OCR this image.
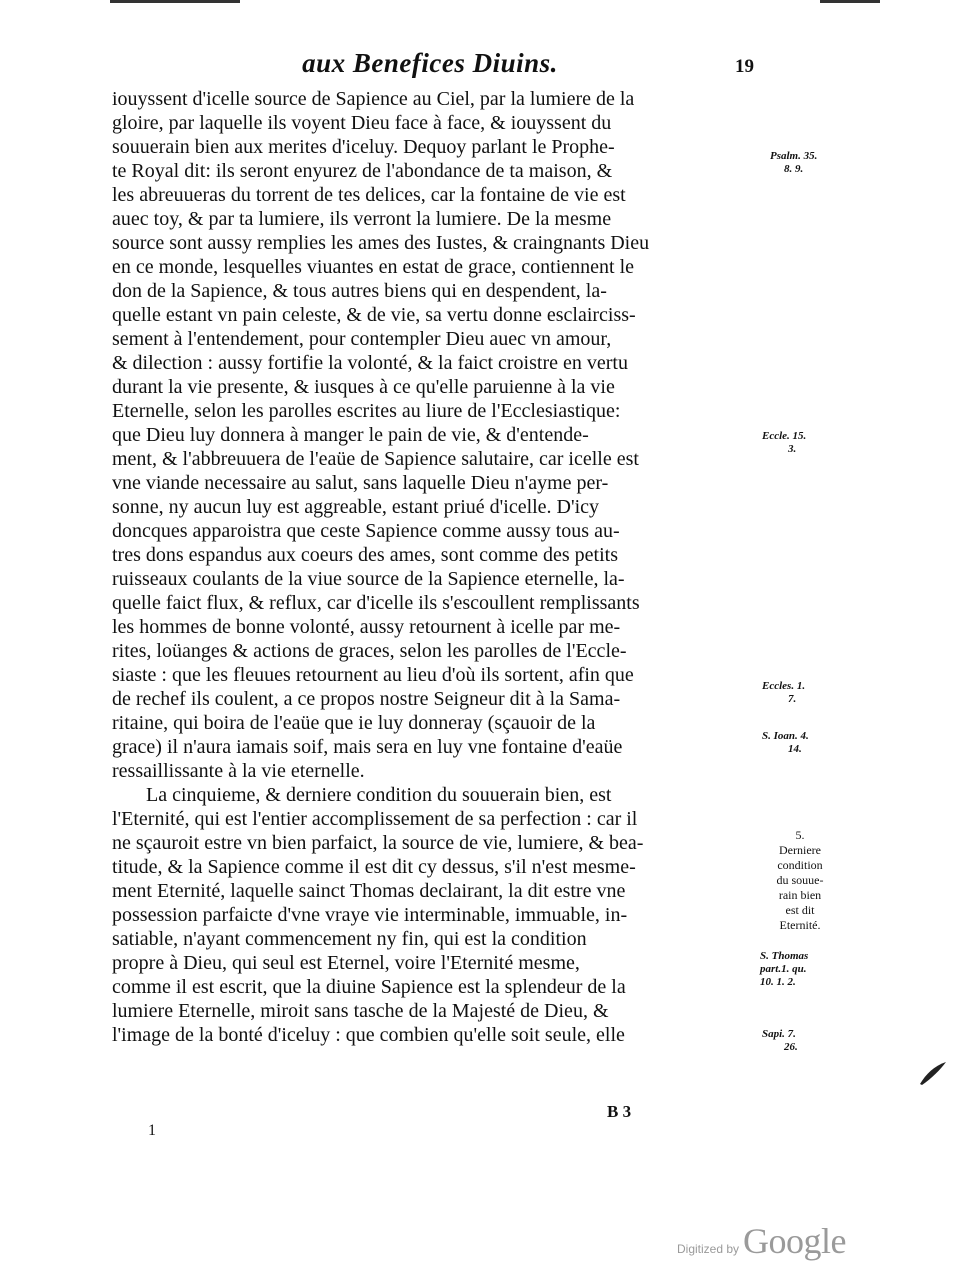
aux Benefices Diuins.	19
iouyssent d'icelle source de Sapience au Ciel, par la lumiere de la
gloire, par laquelle ils voyent Dieu face à face, & iouyssent du
souuerain bien aux merites d'iceluy. Dequoy parlant le Prophe-
te Royal dit: ils seront enyurez de l'abondance de ta maison, &
les abreuueras du torrent de tes delices, car la fontaine de vie est
auec toy, & par ta lumiere, ils verront la lumiere. De la mesme
source sont aussy remplies les ames des Iustes, & craingnants Dieu
en ce monde, lesquelles viuantes en estat de grace, contiennent le
don de la Sapience, & tous autres biens qui en despendent, la-
quelle estant vn pain celeste, & de vie, sa vertu donne esclairciss-
sement à l'entendement, pour contempler Dieu auec vn amour,
& dilection : aussy fortifie la volonté, & la faict croistre en vertu
durant la vie presente, & iusques à ce qu'elle paruienne à la vie
Eternelle, selon les parolles escrites au liure de l'Ecclesiastique:
que Dieu luy donnera à manger le pain de vie, & d'entende-
ment, & l'abbreuuera de l'eaüe de Sapience salutaire, car icelle est
vne viande necessaire au salut, sans laquelle Dieu n'ayme per-
sonne, ny aucun luy est aggreable, estant priué d'icelle. D'icy
doncques apparoistra que ceste Sapience comme aussy tous au-
tres dons espandus aux coeurs des ames, sont comme des petits
ruisseaux coulants de la viue source de la Sapience eternelle, la-
quelle faict flux, & reflux, car d'icelle ils s'escoullent remplissants
les hommes de bonne volonté, aussy retournent à icelle par me-
rites, loüanges & actions de graces, selon les parolles de l'Eccle-
siaste : que les fleuues retournent au lieu d'où ils sortent, afin que
de rechef ils coulent, a ce propos nostre Seigneur dit à la Sama-
ritaine, qui boira de l'eaüe que ie luy donneray (sçauoir de la
grace) il n'aura iamais soif, mais sera en luy vne fontaine d'eaüe
ressaillissante à la vie eternelle.
La cinquieme, & derniere condition du souuerain bien, est
l'Eternité, qui est l'entier accomplissement de sa perfection : car il
ne sçauroit estre vn bien parfaict, la source de vie, lumiere, & bea-
titude, & la Sapience comme il est dit cy dessus, s'il n'est mesme-
ment Eternité, laquelle sainct Thomas declairant, la dit estre vne
possession parfaicte d'vne vraye vie interminable, immuable, in-
satiable, n'ayant commencement ny fin, qui est la condition
propre à Dieu, qui seul est Eternel, voire l'Eternité mesme,
comme il est escrit, que la diuine Sapience est la splendeur de la
lumiere Eternelle, miroit sans tasche de la Majesté de Dieu, &
l'image de la bonté d'iceluy : que combien qu'elle soit seule, elle
Psalm. 35.
8. 9.
Eccle. 15.
3.
Eccles. 1.
7.
S. Ioan. 4.
14.
S. Thomas
part.1. qu.
10. 1. 2.
Sapi. 7.
26.
5.
Derniere
condition
du souue-
rain bien
est dit
Eternité.
B 3
1
Digitized by Google
